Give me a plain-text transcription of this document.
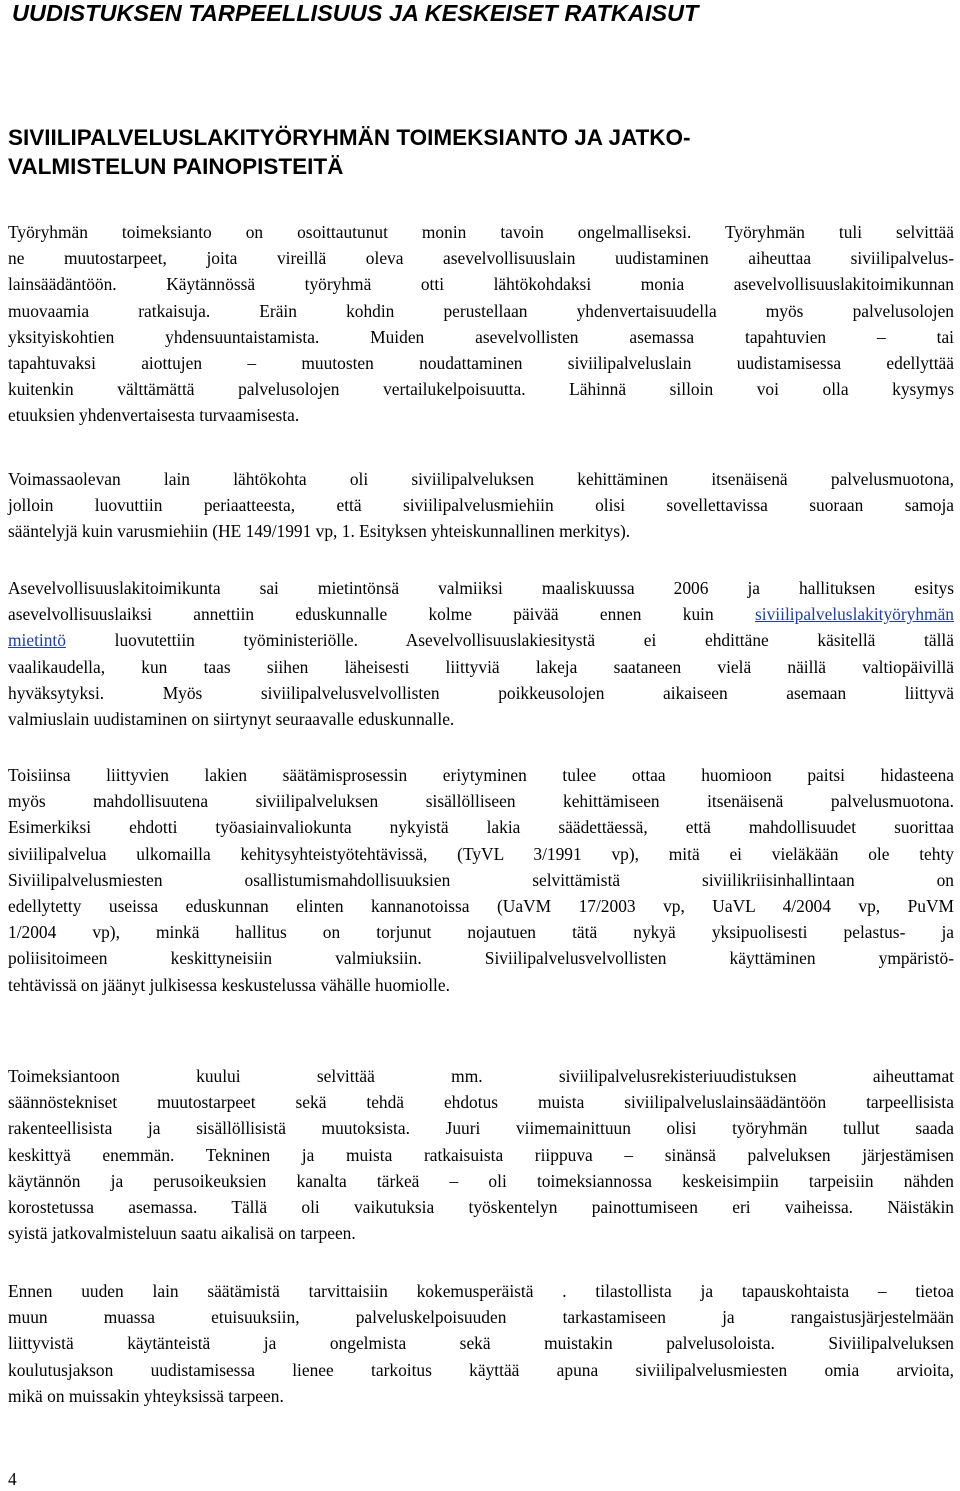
UUDISTUKSEN TARPEELLISUUS JA KESKEISET RATKAISUT
SIVIILIPALVELUSLAKITYÖRYHMÄN TOIMEKSIANTO JA JATKO-
VALMISTELUN PAINOPISTEITÄ
Työryhmän toimeksianto on osoittautunut monin tavoin ongelmalliseksi. Työryhmän tuli selvittää
ne muutostarpeet, joita vireillä oleva asevelvollisuuslain uudistaminen aiheuttaa siviilipalvelus-
lainsäädäntöön. Käytännössä työryhmä otti lähtökohdaksi monia asevelvollisuuslakitoimikunnan
muovaamia ratkaisuja. Eräin kohdin perustellaan yhdenvertaisuudella myös palvelusolojen
yksityiskohtien yhdensuuntaistamista. Muiden asevelvollisten asemassa tapahtuvien – tai
tapahtuvaksi aiottujen – muutosten noudattaminen siviilipalveluslain uudistamisessa edellyttää
kuitenkin välttämättä palvelusolojen vertailukelpoisuutta. Lähinnä silloin voi olla kysymys
etuuksien yhdenvertaisesta turvaamisesta.
Voimassaolevan lain lähtökohta oli siviilipalveluksen kehittäminen itsenäisenä palvelusmuotona,
jolloin luovuttiin periaatteesta, että siviilipalvelusmiehiin olisi sovellettavissa suoraan samoja
sääntelyjä kuin varusmiehiin (HE 149/1991 vp, 1. Esityksen yhteiskunnallinen merkitys).
Asevelvollisuuslakitoimikunta sai mietintönsä valmiiksi maaliskuussa 2006 ja hallituksen esitys
asevelvollisuuslaiksi annettiin eduskunnalle kolme päivää ennen kuin siviilipalveluslakityöryhmän
mietintö luovutettiin työministeriölle. Asevelvollisuuslakiesitystä ei ehdittäne käsitellä tällä
vaalikaudella, kun taas siihen läheisesti liittyviä lakeja saataneen vielä näillä valtiopäivillä
hyväksytyksi. Myös siviilipalvelusvelvollisten poikkeusolojen aikaiseen asemaan liittyvä
valmiuslain uudistaminen on siirtynyt seuraavalle eduskunnalle.
Toisiinsa liittyvien lakien säätämisprosessin eriytyminen tulee ottaa huomioon paitsi hidasteena
myös mahdollisuutena siviilipalveluksen sisällölliseen kehittämiseen itsenäisenä palvelusmuotona.
Esimerkiksi ehdotti työasiainvaliokunta nykyistä lakia säädettäessä, että mahdollisuudet suorittaa
siviilipalvelua ulkomailla kehitysyhteistyötehtävissä, (TyVL 3/1991 vp), mitä ei vieläkään ole tehty
Siviilipalvelusmiesten osallistumismahdollisuuksien selvittämistä siviilikriisinhallintaan on
edellytetty useissa eduskunnan elinten kannanotoissa (UaVM 17/2003 vp, UaVL 4/2004 vp, PuVM
1/2004 vp), minkä hallitus on torjunut nojautuen tätä nykyä yksipuolisesti pelastus- ja
poliisitoimeen keskittyneisiin valmiuksiin. Siviilipalvelusvelvollisten käyttäminen ympäristö-
tehtävissä on jäänyt julkisessa keskustelussa vähälle huomiolle.
Toimeksiantoon kuului selvittää mm. siviilipalvelusrekisteriuudistuksen aiheuttamat
säännöstekniset muutostarpeet sekä tehdä ehdotus muista siviilipalveluslainsäädäntöön tarpeellisista
rakenteellisista ja sisällöllisistä muutoksista. Juuri viimemainittuun olisi työryhmän tullut saada
keskittyä enemmän. Tekninen ja muista ratkaisuista riippuva – sinänsä palveluksen järjestämisen
käytännön ja perusoikeuksien kanalta tärkeä – oli toimeksiannossa keskeisimpiin tarpeisiin nähden
korostetussa asemassa. Tällä oli vaikutuksia työskentelyn painottumiseen eri vaiheissa. Näistäkin
syistä jatkovalmisteluun saatu aikalisä on tarpeen.
Ennen uuden lain säätämistä tarvittaisiin kokemusperäistä . tilastollista ja tapauskohtaista – tietoa
muun muassa etuisuuksiin, palveluskelpoisuuden tarkastamiseen ja rangaistusjärjestelmään
liittyvistä käytänteistä ja ongelmista sekä muistakin palvelusoloista. Siviilipalveluksen
koulutusjakson uudistamisessa lienee tarkoitus käyttää apuna siviilipalvelusmiesten omia arvioita,
mikä on muissakin yhteyksissä tarpeen.

4
